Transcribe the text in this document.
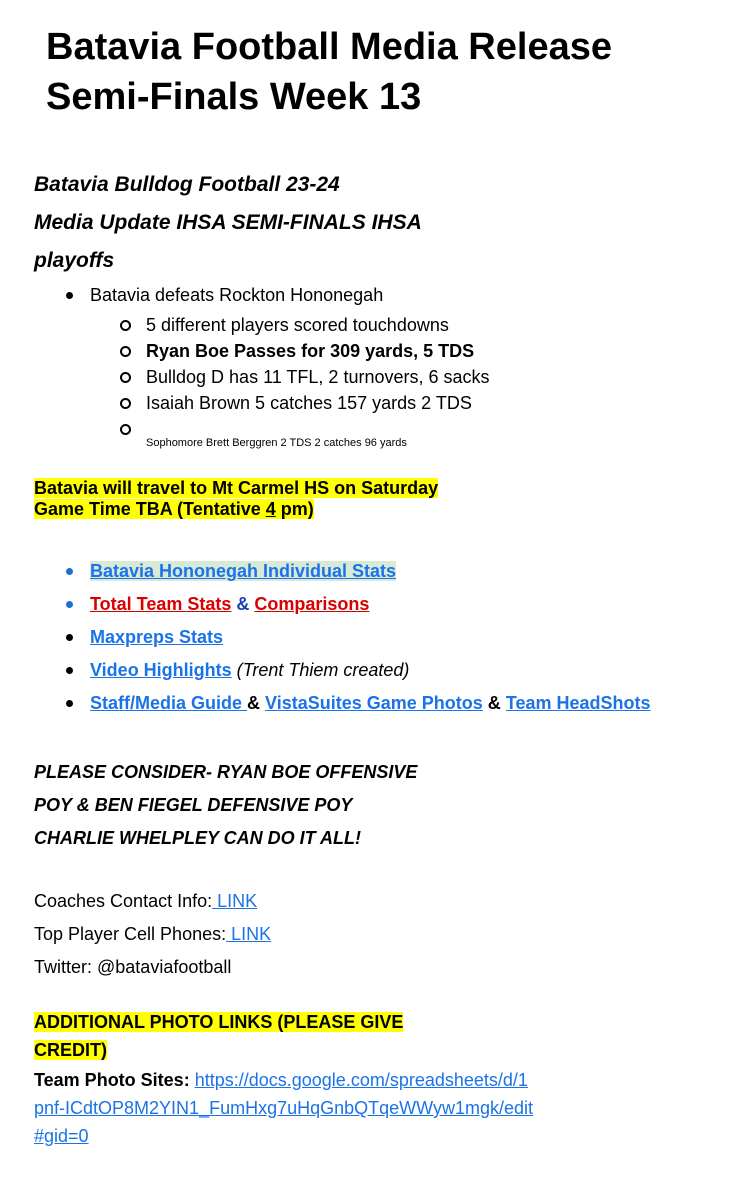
Batavia Football Media Release
Semi-Finals Week 13
Batavia Bulldog Football 23-24
Media Update IHSA SEMI-FINALS IHSA
playoffs
Batavia defeats Rockton Hononegah
5 different players scored touchdowns
Ryan Boe Passes for 309 yards, 5 TDS
Bulldog D has 11 TFL, 2 turnovers, 6 sacks
Isaiah Brown 5 catches 157 yards 2 TDS
Sophomore Brett Berggren 2 TDS 2 catches 96 yards

Batavia will travel to Mt Carmel HS on Saturday
Game Time TBA (Tentative 4 pm)

Batavia Hononegah Individual Stats
Total Team Stats & Comparisons
Maxpreps Stats
Video Highlights (Trent Thiem created)
Staff/Media Guide & VistaSuites Game Photos & Team HeadShots

PLEASE CONSIDER- RYAN BOE OFFENSIVE
POY & BEN FIEGEL DEFENSIVE POY
CHARLIE WHELPLEY CAN DO IT ALL!

Coaches Contact Info: LINK
Top Player Cell Phones: LINK
Twitter: @bataviafootball

ADDITIONAL PHOTO LINKS (PLEASE GIVE
CREDIT)

Team Photo Sites: https://docs.google.com/spreadsheets/d/1pnf-ICdtOP8M2YIN1_FumHxg7uHqGnbQTqeWWyw1mgk/edit#gid=0
